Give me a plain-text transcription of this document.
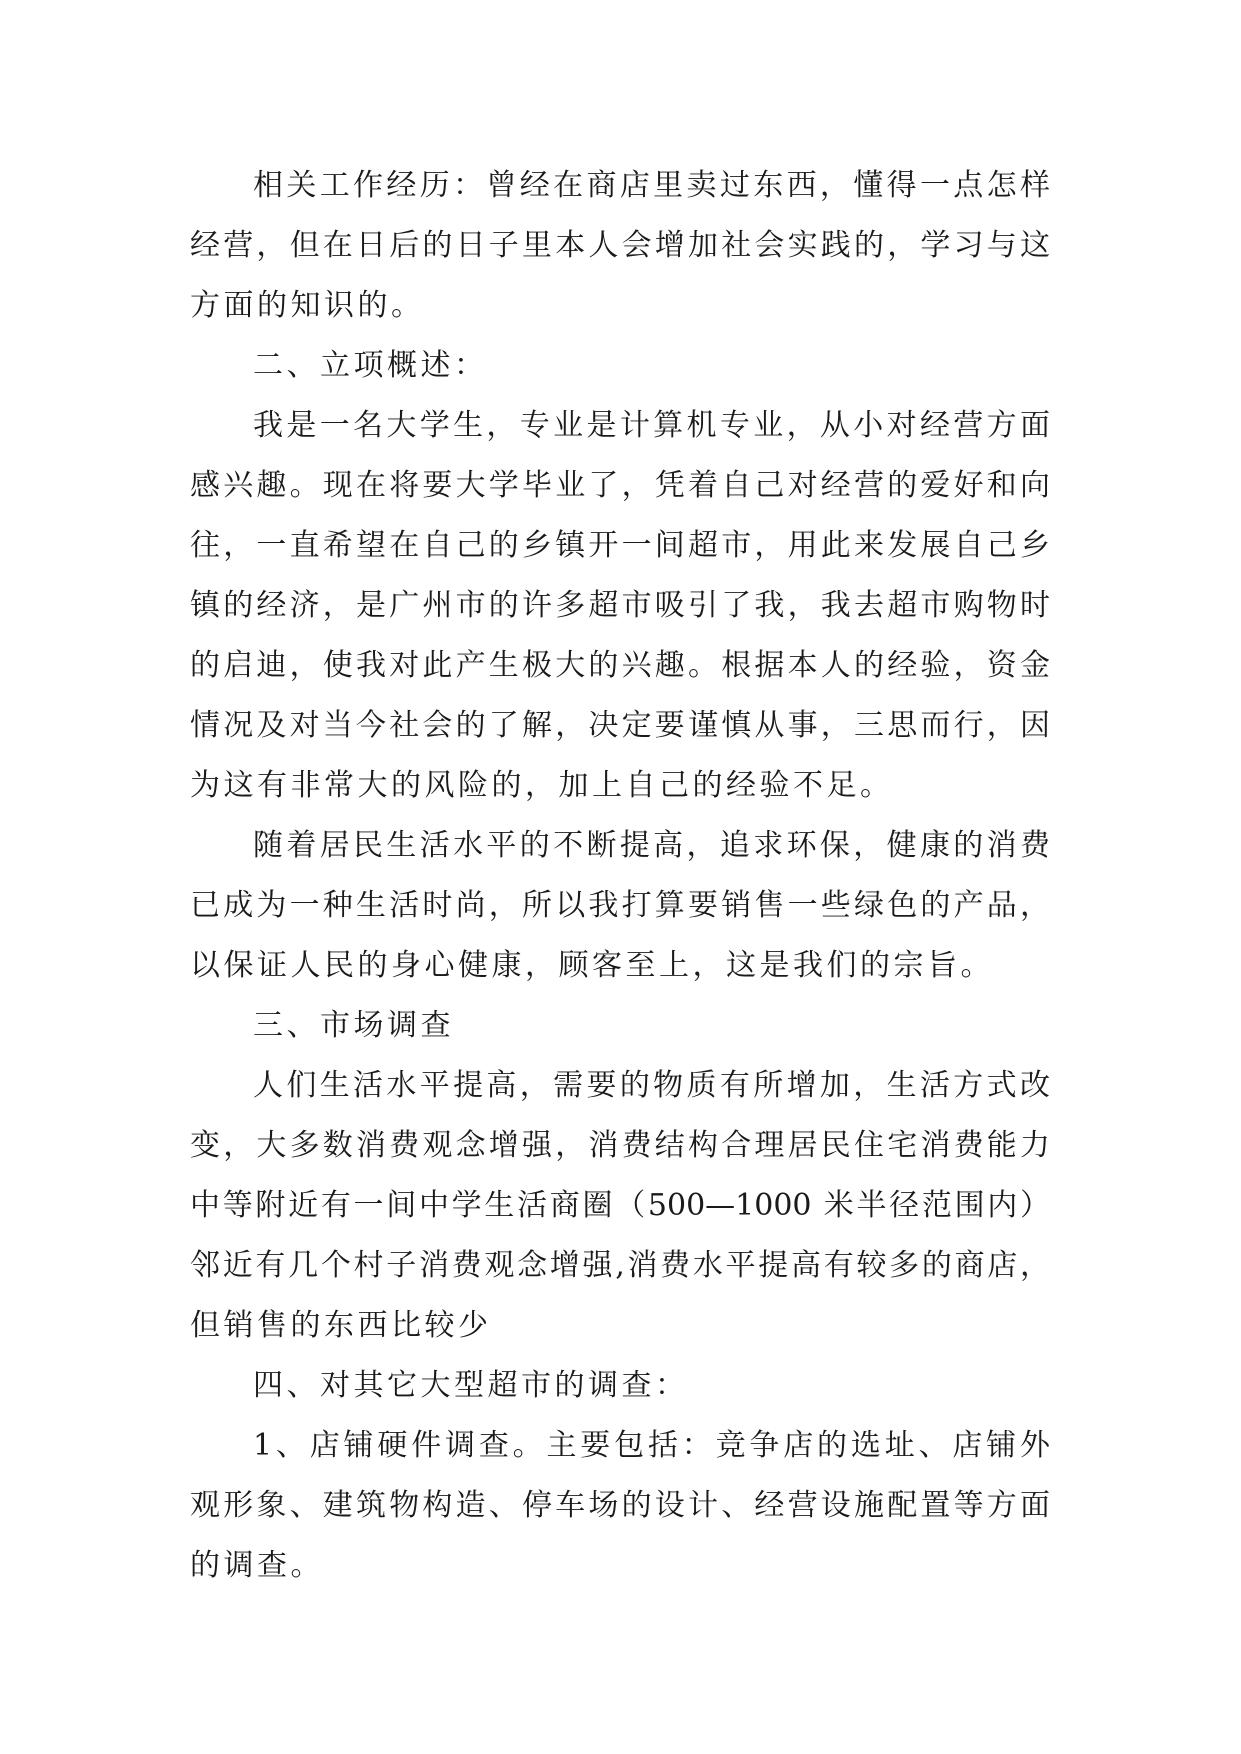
相关工作经历：曾经在商店里卖过东西，懂得一点怎样
经营，但在日后的日子里本人会增加社会实践的，学习与这
方面的知识的。
二、立项概述：
我是一名大学生，专业是计算机专业，从小对经营方面
感兴趣。现在将要大学毕业了，凭着自己对经营的爱好和向
往，一直希望在自己的乡镇开一间超市，用此来发展自己乡
镇的经济，是广州市的许多超市吸引了我，我去超市购物时
的启迪，使我对此产生极大的兴趣。根据本人的经验，资金
情况及对当今社会的了解，决定要谨慎从事，三思而行，因
为这有非常大的风险的，加上自己的经验不足。
随着居民生活水平的不断提高，追求环保，健康的消费
已成为一种生活时尚，所以我打算要销售一些绿色的产品，
以保证人民的身心健康，顾客至上，这是我们的宗旨。
三、市场调查
人们生活水平提高，需要的物质有所增加，生活方式改
变，大多数消费观念增强，消费结构合理居民住宅消费能力
中等附近有一间中学生活商圈（500—1000 米半径范围内）
邻近有几个村子消费观念增强,消费水平提高有较多的商店，
但销售的东西比较少
四、对其它大型超市的调查：
1、店铺硬件调查。主要包括：竞争店的选址、店铺外
观形象、建筑物构造、停车场的设计、经营设施配置等方面
的调查。
